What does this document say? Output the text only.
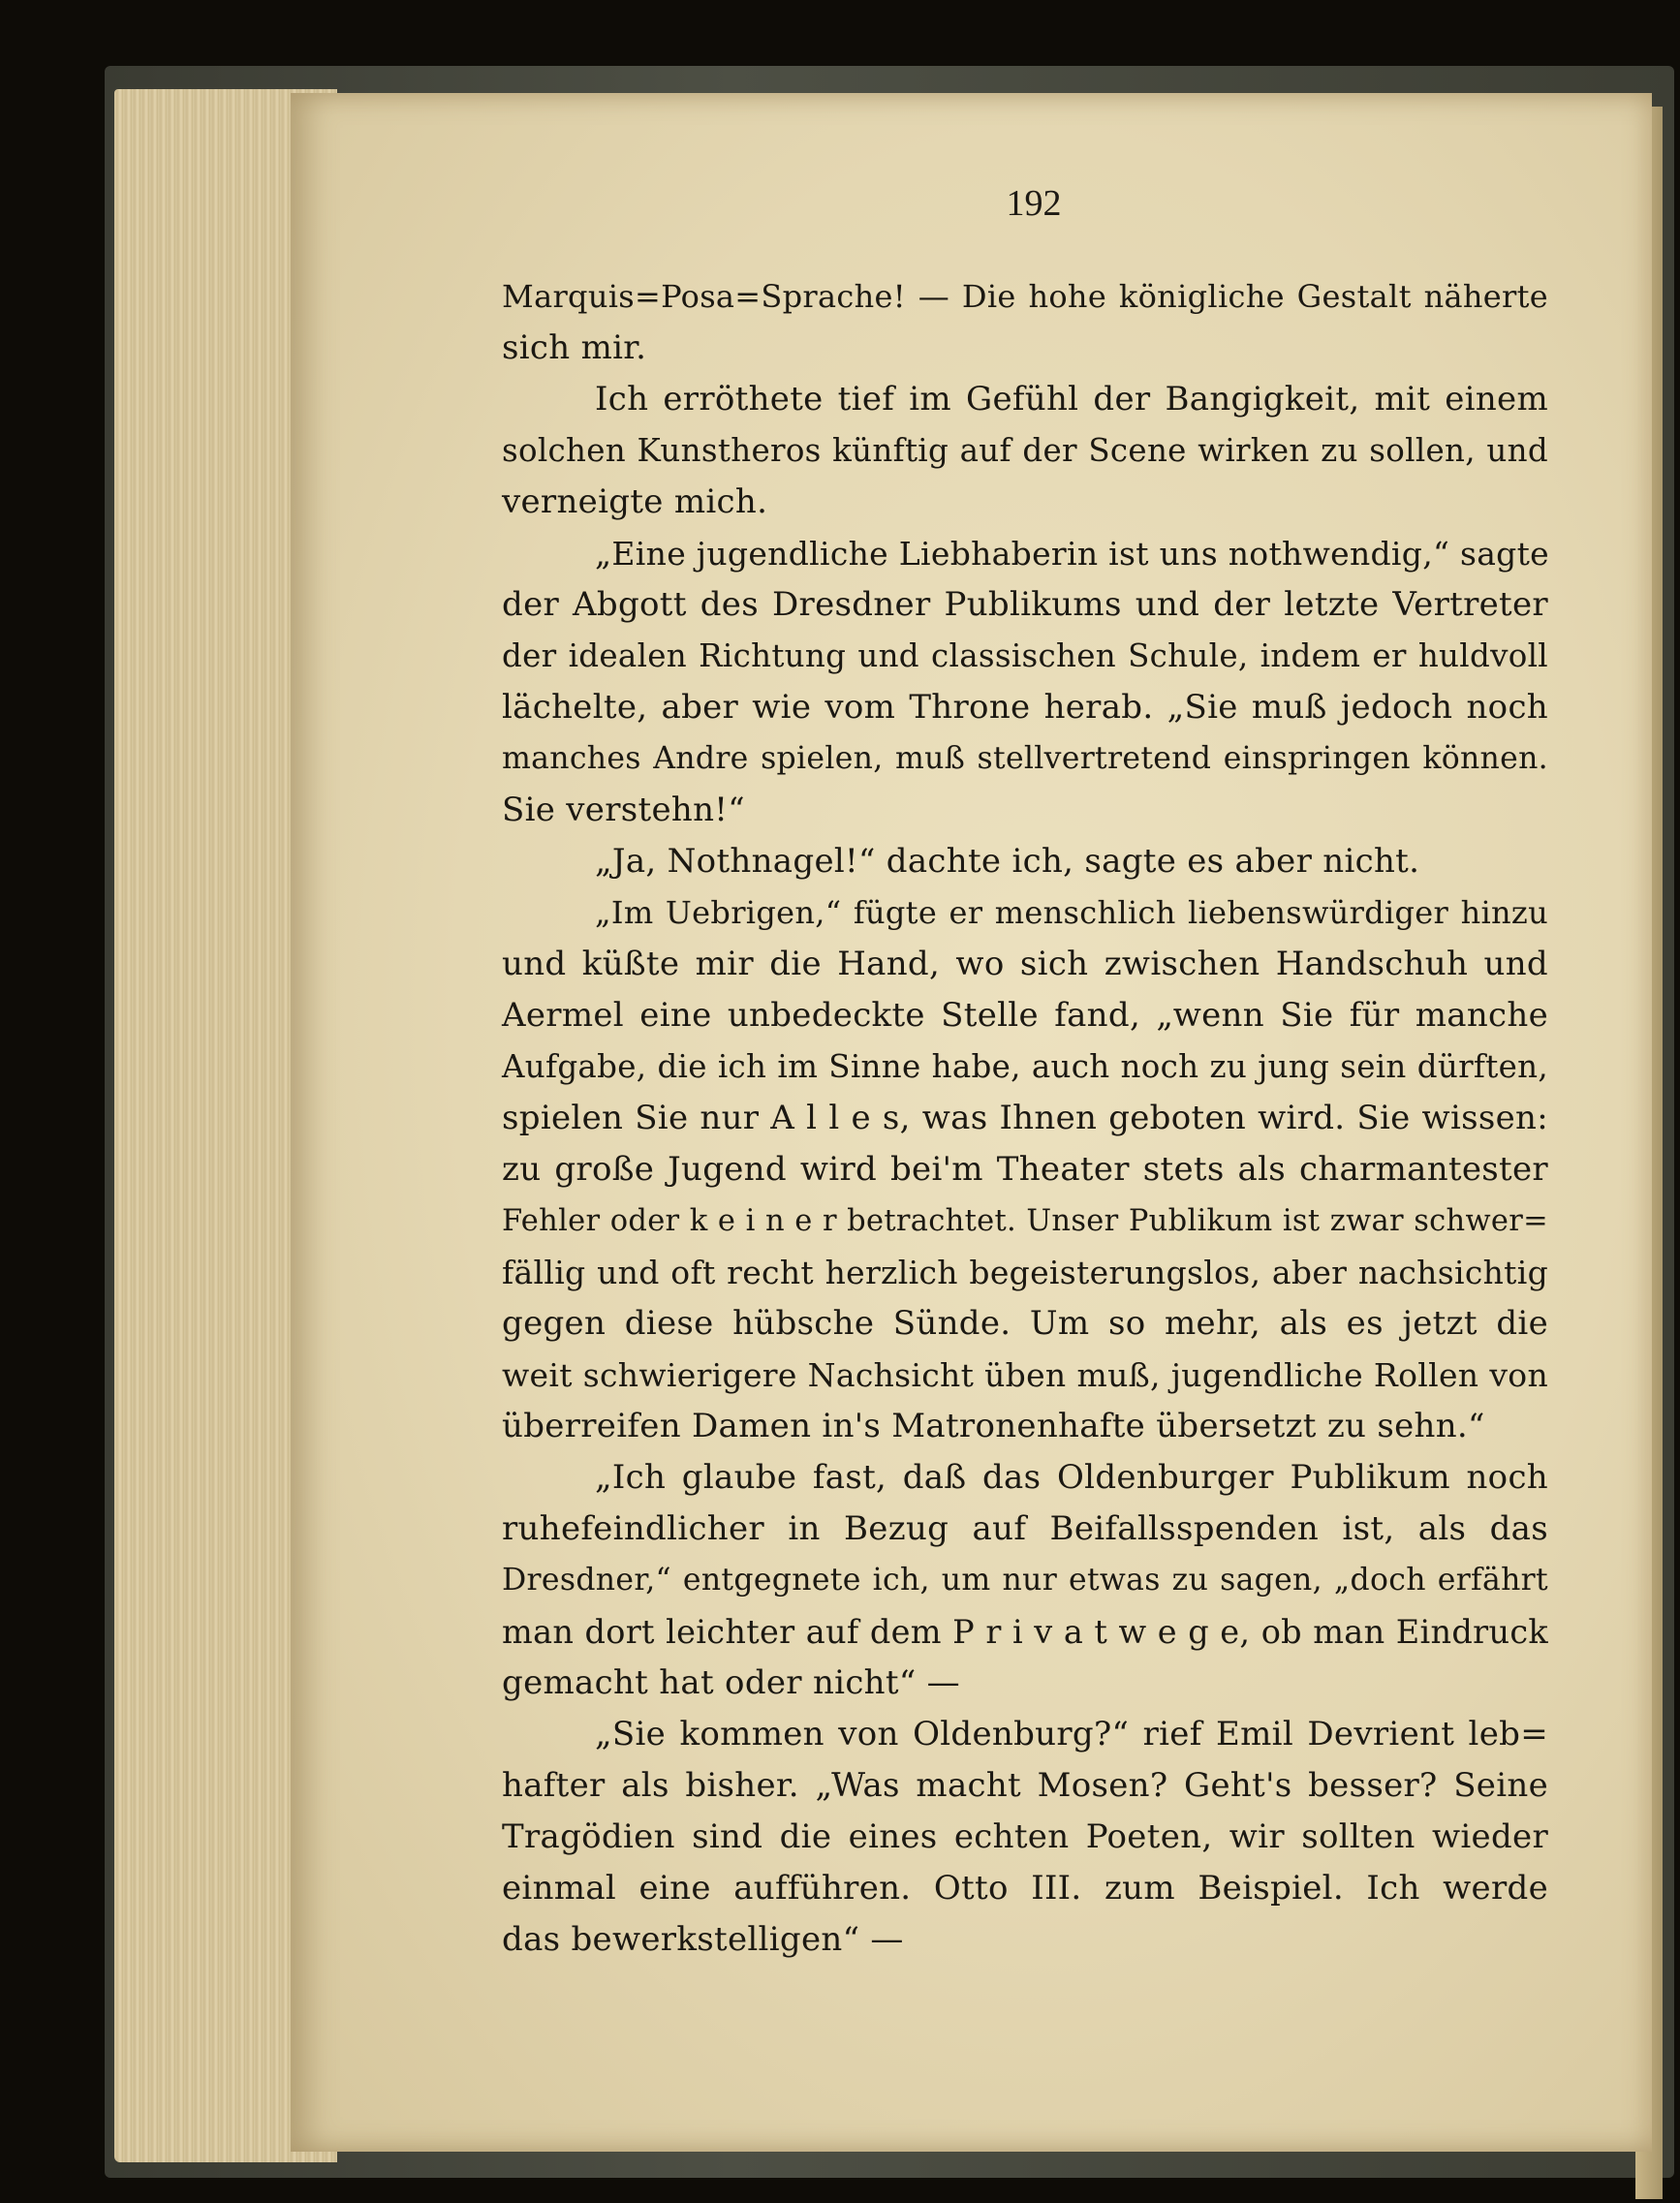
192
Marquis=Posa=Sprache! — Die hohe königliche Gestalt näherte
sich mir.
Ich erröthete tief im Gefühl der Bangigkeit, mit einem
solchen Kunstheros künftig auf der Scene wirken zu sollen, und
verneigte mich.
„Eine jugendliche Liebhaberin ist uns nothwendig,“ sagte
der Abgott des Dresdner Publikums und der letzte Vertreter
der idealen Richtung und classischen Schule, indem er huldvoll
lächelte, aber wie vom Throne herab. „Sie muß jedoch noch
manches Andre spielen, muß stellvertretend einspringen können.
Sie verstehn!“
„Ja, Nothnagel!“ dachte ich, sagte es aber nicht.
„Im Uebrigen,“ fügte er menschlich liebenswürdiger hinzu
und küßte mir die Hand, wo sich zwischen Handschuh und
Aermel eine unbedeckte Stelle fand, „wenn Sie für manche
Aufgabe, die ich im Sinne habe, auch noch zu jung sein dürften,
spielen Sie nur A l l e s, was Ihnen geboten wird. Sie wissen:
zu große Jugend wird bei'm Theater stets als charmantester
Fehler oder k e i n e r betrachtet. Unser Publikum ist zwar schwer=
fällig und oft recht herzlich begeisterungslos, aber nachsichtig
gegen diese hübsche Sünde. Um so mehr, als es jetzt die
weit schwierigere Nachsicht üben muß, jugendliche Rollen von
überreifen Damen in's Matronenhafte übersetzt zu sehn.“
„Ich glaube fast, daß das Oldenburger Publikum noch
ruhefeindlicher in Bezug auf Beifallsspenden ist, als das
Dresdner,“ entgegnete ich, um nur etwas zu sagen, „doch erfährt
man dort leichter auf dem P r i v a t w e g e, ob man Eindruck
gemacht hat oder nicht“ —
„Sie kommen von Oldenburg?“ rief Emil Devrient leb=
hafter als bisher. „Was macht Mosen? Geht's besser? Seine
Tragödien sind die eines echten Poeten, wir sollten wieder
einmal eine aufführen. Otto III. zum Beispiel. Ich werde
das bewerkstelligen“ —
